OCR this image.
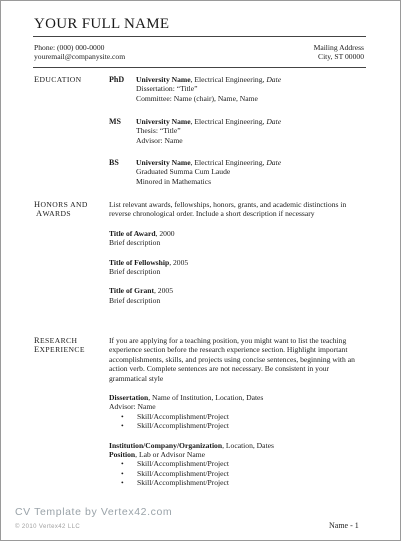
YOUR FULL NAME
Phone: (000) 000-0000
youremail@companysite.com
Mailing Address
City, ST 00000
EDUCATION	PhD University Name, Electrical Engineering, Date
Dissertation: “Title”
Committee: Name (chair), Name, Name
MS University Name, Electrical Engineering, Date
Thesis: “Title”
Advisor: Name
BS University Name, Electrical Engineering, Date
Graduated Summa Cum Laude
Minored in Mathematics
HONORS AND
AWARDS
List relevant awards, fellowships, honors, grants, and academic distinctions in reverse chronological order. Include a short description if necessary
Title of Award, 2000
Brief description
Title of Fellowship, 2005
Brief description
Title of Grant, 2005
Brief description
RESEARCH
EXPERIENCE
If you are applying for a teaching position, you might want to list the teaching experience section before the research experience section. Highlight important accomplishments, skills, and projects using concise sentences, beginning with an action verb. Complete sentences are not necessary. Be consistent in your grammatical style
Dissertation, Name of Institution, Location, Dates
Advisor: Name
• Skill/Accomplishment/Project
• Skill/Accomplishment/Project
Institution/Company/Organization, Location, Dates
Position, Lab or Advisor Name
• Skill/Accomplishment/Project
• Skill/Accomplishment/Project
• Skill/Accomplishment/Project
CV Template by Vertex42.com
© 2010 Vertex42 LLC	Name - 1
